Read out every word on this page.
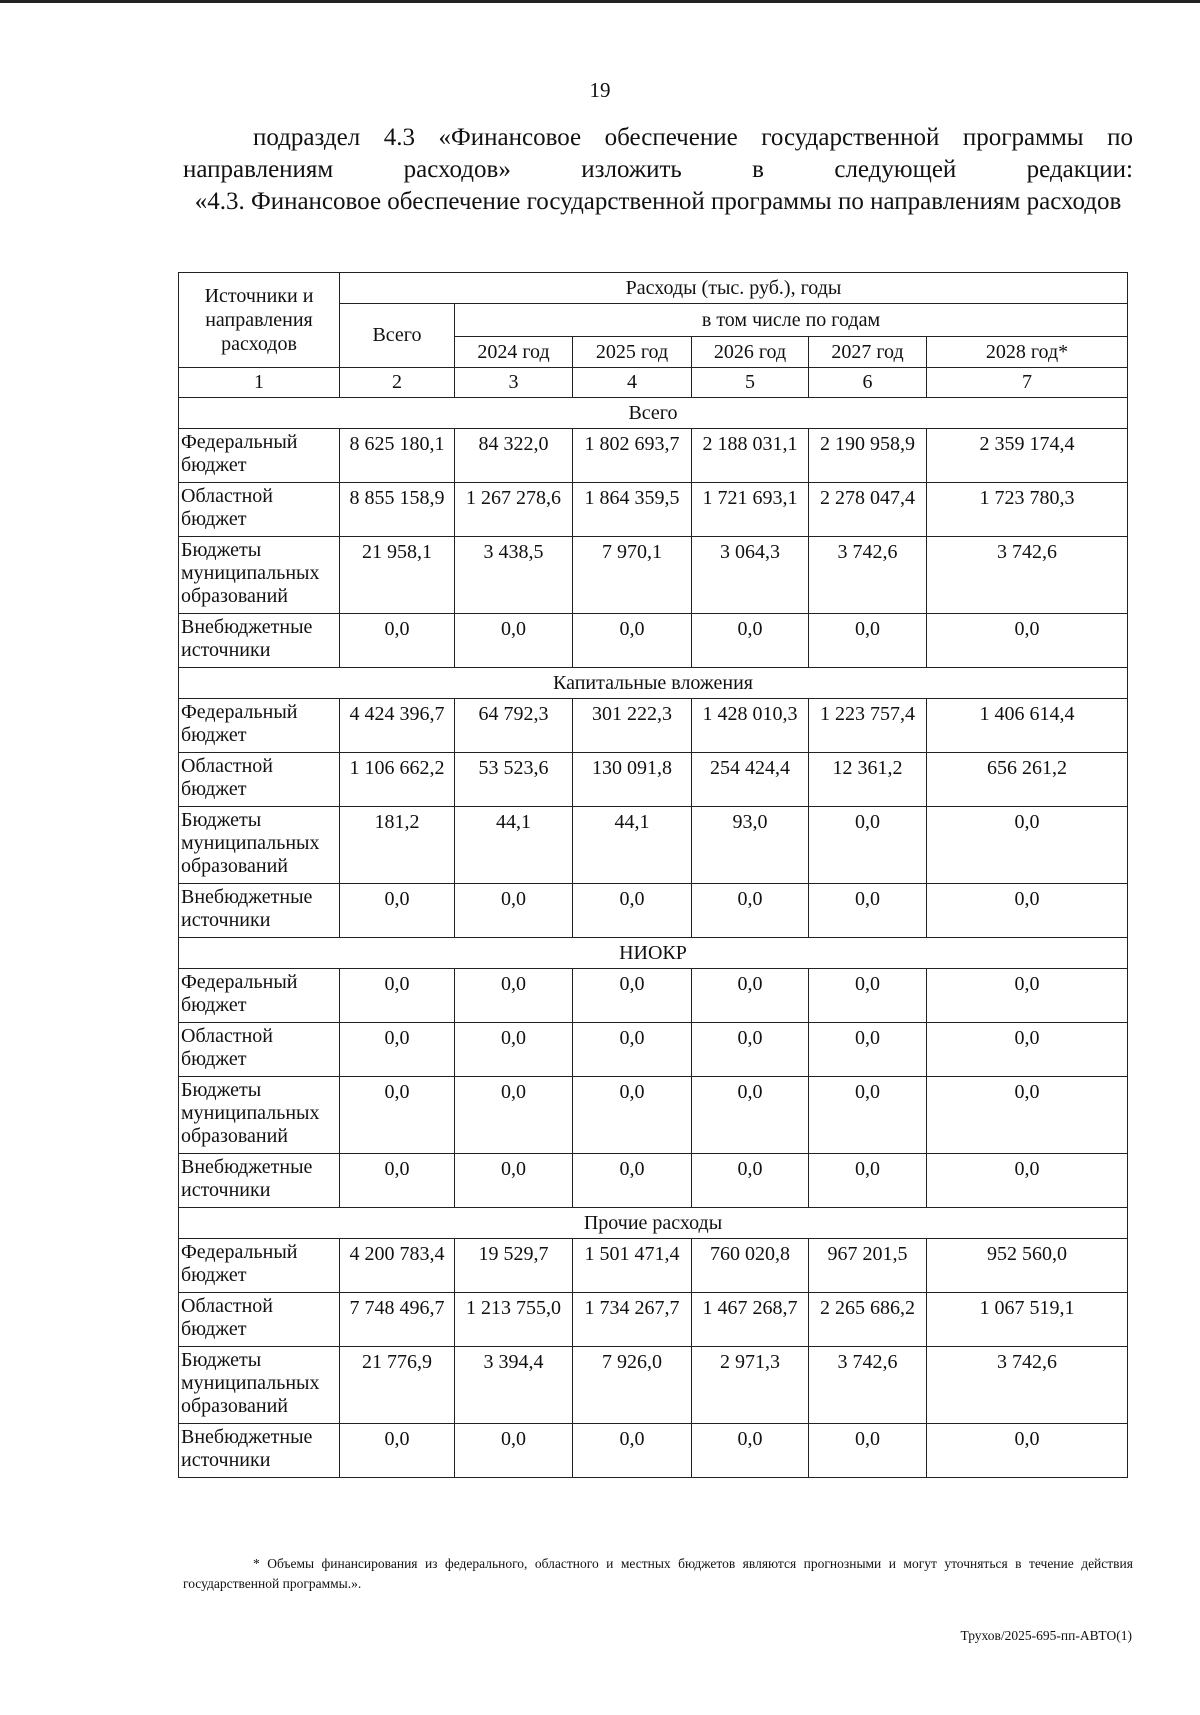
19

подраздел 4.3 «Финансовое обеспечение государственной программы по направлениям расходов» изложить в следующей редакции:

«4.3. Финансовое обеспечение государственной программы по направлениям расходов

Источники и направления расходов	Расходы (тыс. руб.), годы					
	Всего	в том числе по годам				
		2024 год	2025 год	2026 год	2027 год	2028 год*
1	2	3	4	5	6	7
Всего						
Федеральный бюджет	8 625 180,1	84 322,0	1 802 693,7	2 188 031,1	2 190 958,9	2 359 174,4
Областной бюджет	8 855 158,9	1 267 278,6	1 864 359,5	1 721 693,1	2 278 047,4	1 723 780,3
Бюджеты муниципальных образований	21 958,1	3 438,5	7 970,1	3 064,3	3 742,6	3 742,6
Внебюджетные источники	0,0	0,0	0,0	0,0	0,0	0,0
Капитальные вложения						
Федеральный бюджет	4 424 396,7	64 792,3	301 222,3	1 428 010,3	1 223 757,4	1 406 614,4
Областной бюджет	1 106 662,2	53 523,6	130 091,8	254 424,4	12 361,2	656 261,2
Бюджеты муниципальных образований	181,2	44,1	44,1	93,0	0,0	0,0
Внебюджетные источники	0,0	0,0	0,0	0,0	0,0	0,0
НИОКР						
Федеральный бюджет	0,0	0,0	0,0	0,0	0,0	0,0
Областной бюджет	0,0	0,0	0,0	0,0	0,0	0,0
Бюджеты муниципальных образований	0,0	0,0	0,0	0,0	0,0	0,0
Внебюджетные источники	0,0	0,0	0,0	0,0	0,0	0,0
Прочие расходы						
Федеральный бюджет	4 200 783,4	19 529,7	1 501 471,4	760 020,8	967 201,5	952 560,0
Областной бюджет	7 748 496,7	1 213 755,0	1 734 267,7	1 467 268,7	2 265 686,2	1 067 519,1
Бюджеты муниципальных образований	21 776,9	3 394,4	7 926,0	2 971,3	3 742,6	3 742,6
Внебюджетные источники	0,0	0,0	0,0	0,0	0,0	0,0
* Объемы финансирования из федерального, областного и местных бюджетов являются прогнозными и могут уточняться в течение действия государственной программы.».
Трухов/2025-695-пп-АВТО(1)
